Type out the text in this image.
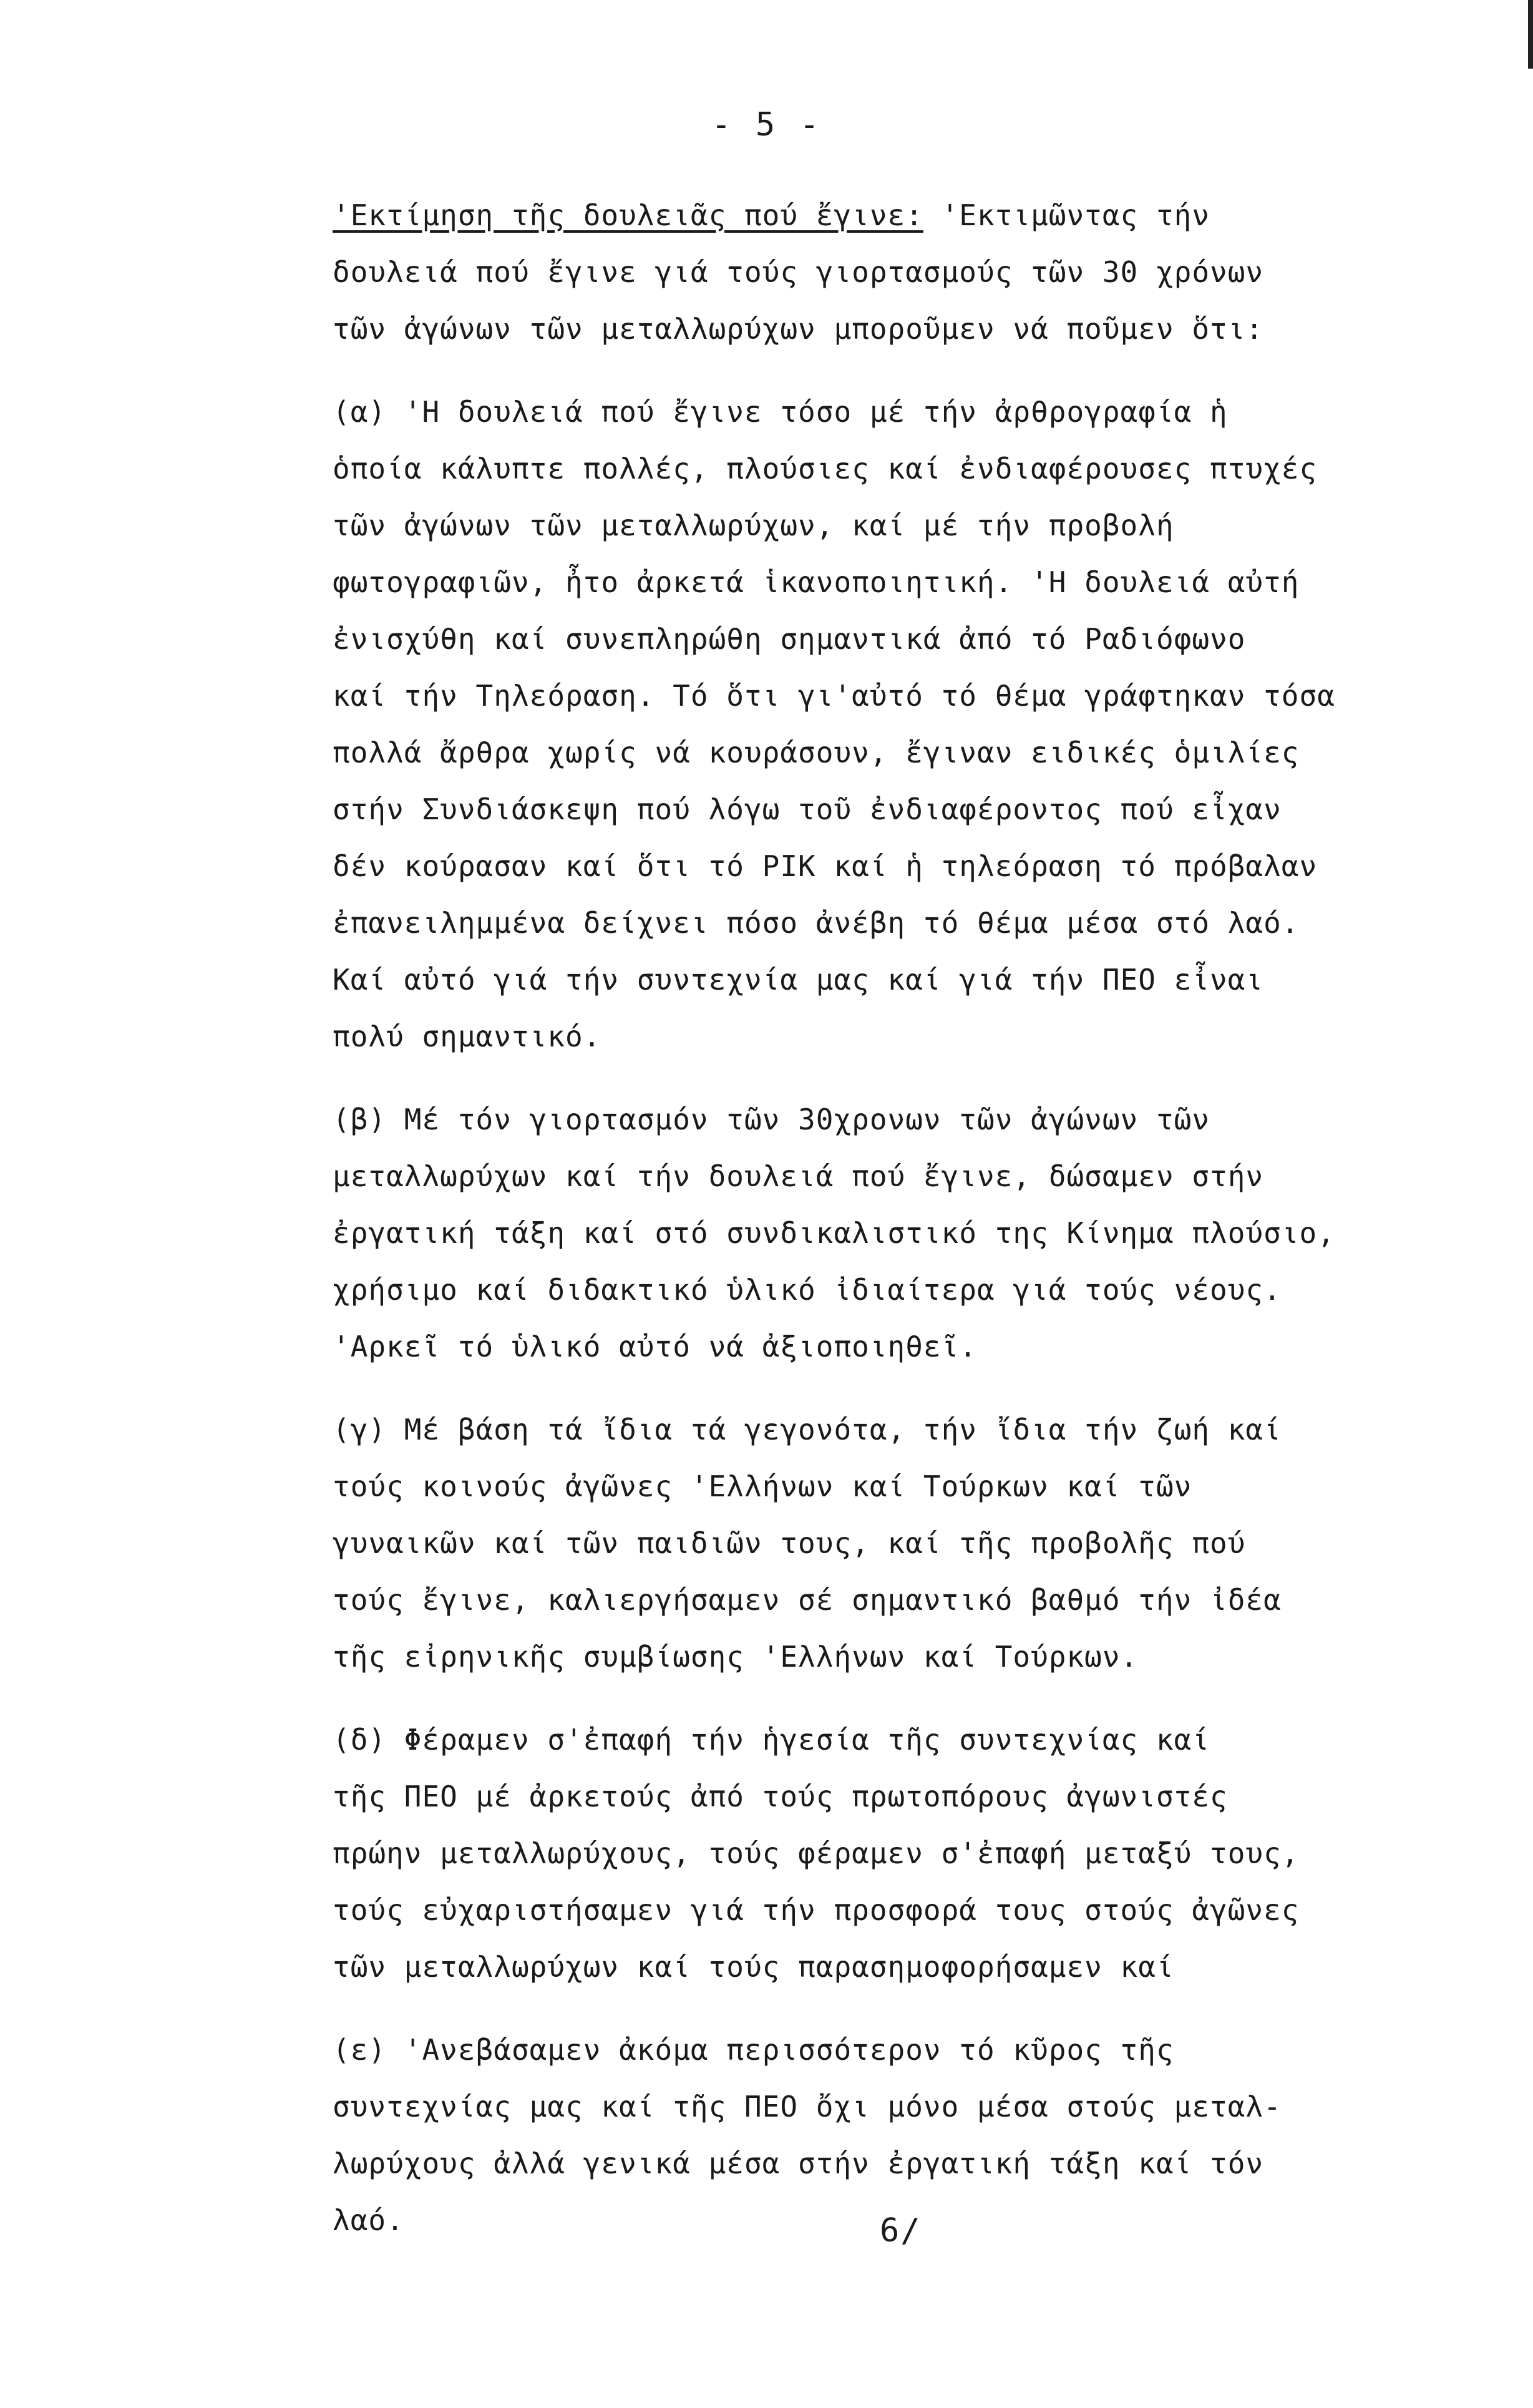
- 5 -

'Εκτίμηση τῆς δουλειᾶς πού ἔγινε: 'Εκτιμῶντας τήν
δουλειά πού ἔγινε γιά τούς γιορτασμούς τῶν 30 χρόνων
τῶν ἀγώνων τῶν μεταλλωρύχων μποροῦμεν νά ποῦμεν ὅτι:

(α) 'Η δουλειά πού ἔγινε τόσο μέ τήν ἀρθρογραφία ἡ
ὁποία κάλυπτε πολλές, πλούσιες καί ἐνδιαφέρουσες πτυχές
τῶν ἀγώνων τῶν μεταλλωρύχων, καί μέ τήν προβολή
φωτογραφιῶν, ἦτο ἀρκετά ἱκανοποιητική. 'Η δουλειά αὐτή
ἐνισχύθη καί συνεπληρώθη σημαντικά ἀπό τό Ραδιόφωνο
καί τήν Τηλεόραση. Τό ὅτι γι'αὐτό τό θέμα γράφτηκαν τόσα
πολλά ἄρθρα χωρίς νά κουράσουν, ἔγιναν ειδικές ὁμιλίες
στήν Συνδιάσκεψη πού λόγω τοῦ ἐνδιαφέροντος πού εἶχαν
δέν κούρασαν καί ὅτι τό ΡΙΚ καί ἡ τηλεόραση τό πρόβαλαν
ἐπανειλημμένα δείχνει πόσο ἀνέβη τό θέμα μέσα στό λαό.
Καί αὐτό γιά τήν συντεχνία μας καί γιά τήν ΠΕΟ εἶναι
πολύ σημαντικό.

(β) Μέ τόν γιορτασμόν τῶν 30χρονων τῶν ἀγώνων τῶν
μεταλλωρύχων καί τήν δουλειά πού ἔγινε, δώσαμεν στήν
ἐργατική τάξη καί στό συνδικαλιστικό της Κίνημα πλούσιο,
χρήσιμο καί διδακτικό ὑλικό ἰδιαίτερα γιά τούς νέους.
'Αρκεῖ τό ὑλικό αὐτό νά ἀξιοποιηθεῖ.

(γ) Μέ βάση τά ἴδια τά γεγονότα, τήν ἴδια τήν ζωή καί
τούς κοινούς ἀγῶνες 'Ελλήνων καί Τούρκων καί τῶν
γυναικῶν καί τῶν παιδιῶν τους, καί τῆς προβολῆς πού
τούς ἔγινε, καλιεργήσαμεν σέ σημαντικό βαθμό τήν ἰδέα
τῆς εἰρηνικῆς συμβίωσης 'Ελλήνων καί Τούρκων.

(δ) Φέραμεν σ'ἐπαφή τήν ἡγεσία τῆς συντεχνίας καί
τῆς ΠΕΟ μέ ἀρκετούς ἀπό τούς πρωτοπόρους ἀγωνιστές
πρώην μεταλλωρύχους, τούς φέραμεν σ'ἐπαφή μεταξύ τους,
τούς εὐχαριστήσαμεν γιά τήν προσφορά τους στούς ἀγῶνες
τῶν μεταλλωρύχων καί τούς παρασημοφορήσαμεν καί

(ε) 'Ανεβάσαμεν ἀκόμα περισσότερον τό κῦρος τῆς
συντεχνίας μας καί τῆς ΠΕΟ ὄχι μόνο μέσα στούς μεταλ-
λωρύχους ἀλλά γενικά μέσα στήν ἐργατική τάξη καί τόν
λαό.	6/
